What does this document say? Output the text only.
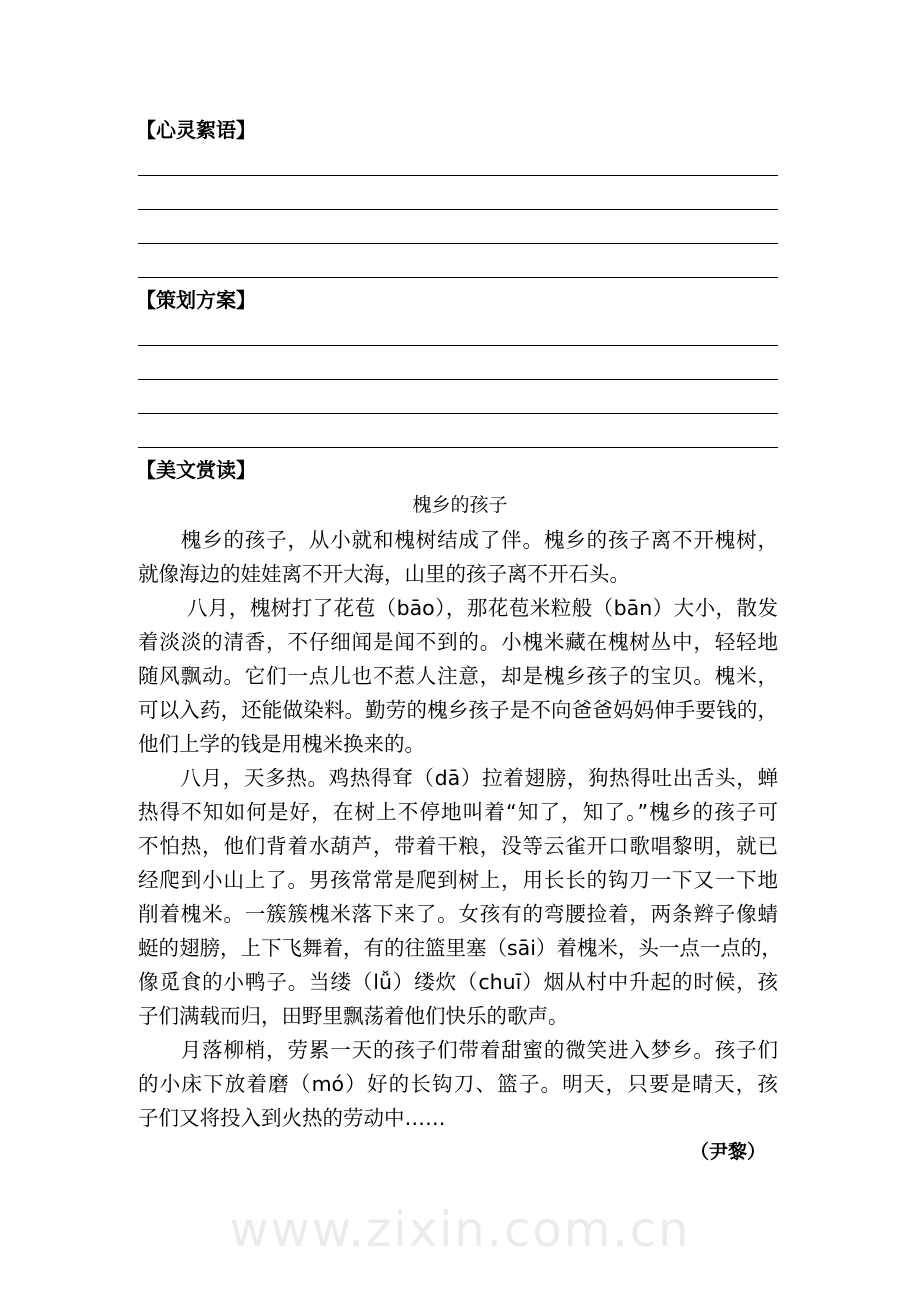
【心灵絮语】
【策划方案】
【美文赏读】
槐乡的孩子
　　槐乡的孩子，从小就和槐树结成了伴。槐乡的孩子离不开槐树，
就像海边的娃娃离不开大海，山里的孩子离不开石头。
　　 八月，槐树打了花苞（bāo），那花苞米粒般（bān）大小，散发
着淡淡的清香，不仔细闻是闻不到的。小槐米藏在槐树丛中，轻轻地
随风飘动。它们一点儿也不惹人注意，却是槐乡孩子的宝贝。槐米，
可以入药，还能做染料。勤劳的槐乡孩子是不向爸爸妈妈伸手要钱的，
他们上学的钱是用槐米换来的。
　　八月，天多热。鸡热得耷（dā）拉着翅膀，狗热得吐出舌头，蝉
热得不知如何是好，在树上不停地叫着“知了，知了。”槐乡的孩子可
不怕热，他们背着水葫芦，带着干粮，没等云雀开口歌唱黎明，就已
经爬到小山上了。男孩常常是爬到树上，用长长的钩刀一下又一下地
削着槐米。一簇簇槐米落下来了。女孩有的弯腰捡着，两条辫子像蜻
蜓的翅膀，上下飞舞着，有的往篮里塞（sāi）着槐米，头一点一点的，
像觅食的小鸭子。当缕（lǚ）缕炊（chuī）烟从村中升起的时候，孩
子们满载而归，田野里飘荡着他们快乐的歌声。
　　月落柳梢，劳累一天的孩子们带着甜蜜的微笑进入梦乡。孩子们
的小床下放着磨（mó）好的长钩刀、篮子。明天，只要是晴天，孩
子们又将投入到火热的劳动中……
（尹黎）
www.zixin.com.cn
